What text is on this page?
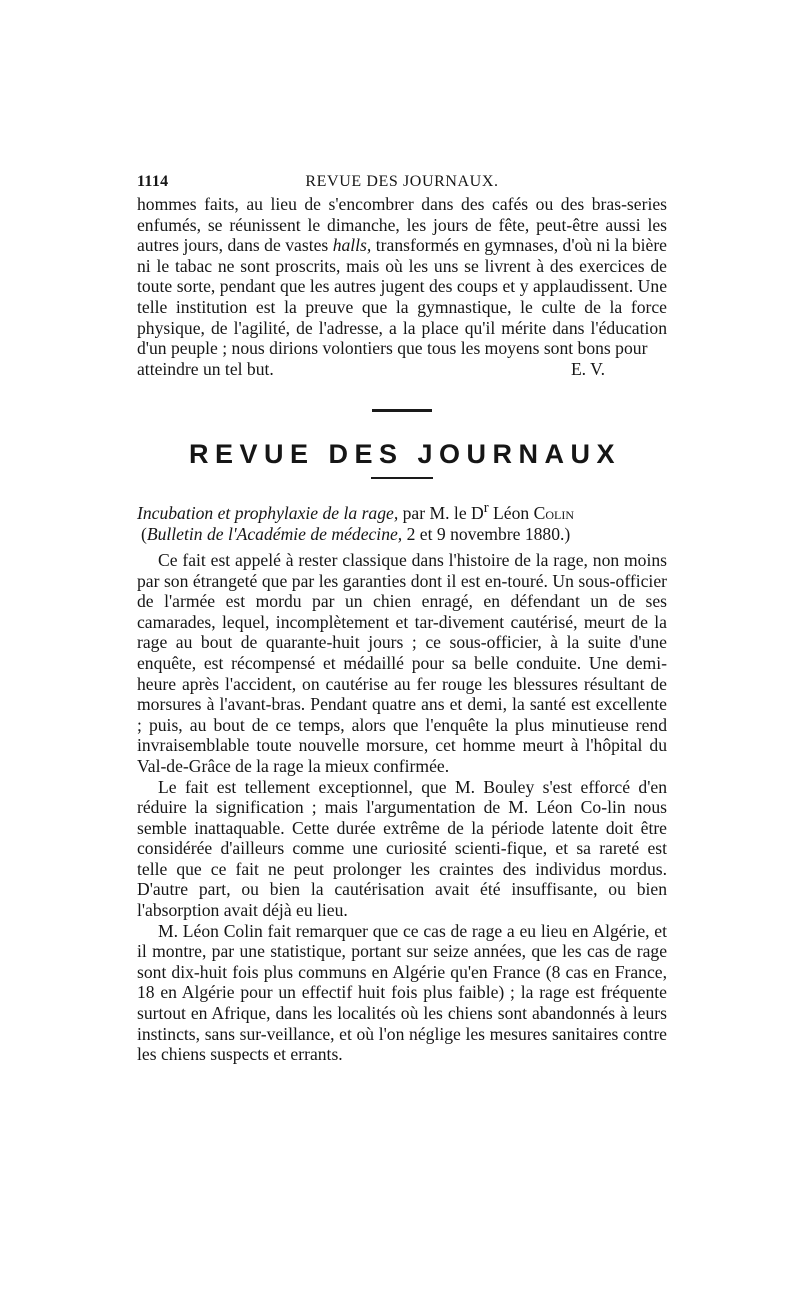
1114	REVUE DES JOURNAUX.

hommes faits, au lieu de s'encombrer dans des cafés ou des bras-series enfumés, se réunissent le dimanche, les jours de fête, peut-être aussi les autres jours, dans de vastes halls, transformés en gymnases, d'où ni la bière ni le tabac ne sont proscrits, mais où les uns se livrent à des exercices de toute sorte, pendant que les autres jugent des coups et y applaudissent. Une telle institution est la preuve que la gymnastique, le culte de la force physique, de l'agilité, de l'adresse, a la place qu'il mérite dans l'éducation d'un peuple ; nous dirions volontiers que tous les moyens sont bons pour

atteindre un tel but.	E. V.

REVUE DES JOURNAUX
Incubation et prophylaxie de la rage, par M. le $D^r$ Léon Colin
(Bulletin de l'Académie de médecine, 2 et 9 novembre 1880.)

Ce fait est appelé à rester classique dans l'histoire de la rage, non moins par son étrangeté que par les garanties dont il est en-touré. Un sous-officier de l'armée est mordu par un chien enragé, en défendant un de ses camarades, lequel, incomplètement et tar-divement cautérisé, meurt de la rage au bout de quarante-huit jours ; ce sous-officier, à la suite d'une enquête, est récompensé et médaillé pour sa belle conduite. Une demi-heure après l'accident, on cautérise au fer rouge les blessures résultant de morsures à l'avant-bras. Pendant quatre ans et demi, la santé est excellente ; puis, au bout de ce temps, alors que l'enquête la plus minutieuse rend invraisemblable toute nouvelle morsure, cet homme meurt à l'hôpital du Val-de-Grâce de la rage la mieux confirmée.

Le fait est tellement exceptionnel, que M. Bouley s'est efforcé d'en réduire la signification ; mais l'argumentation de M. Léon Co-lin nous semble inattaquable. Cette durée extrême de la période latente doit être considérée d'ailleurs comme une curiosité scienti-fique, et sa rareté est telle que ce fait ne peut prolonger les craintes des individus mordus. D'autre part, ou bien la cautérisation avait été insuffisante, ou bien l'absorption avait déjà eu lieu.

M. Léon Colin fait remarquer que ce cas de rage a eu lieu en Algérie, et il montre, par une statistique, portant sur seize années, que les cas de rage sont dix-huit fois plus communs en Algérie qu'en France (8 cas en France, 18 en Algérie pour un effectif huit fois plus faible) ; la rage est fréquente surtout en Afrique, dans les localités où les chiens sont abandonnés à leurs instincts, sans sur-veillance, et où l'on néglige les mesures sanitaires contre les chiens suspects et errants.
